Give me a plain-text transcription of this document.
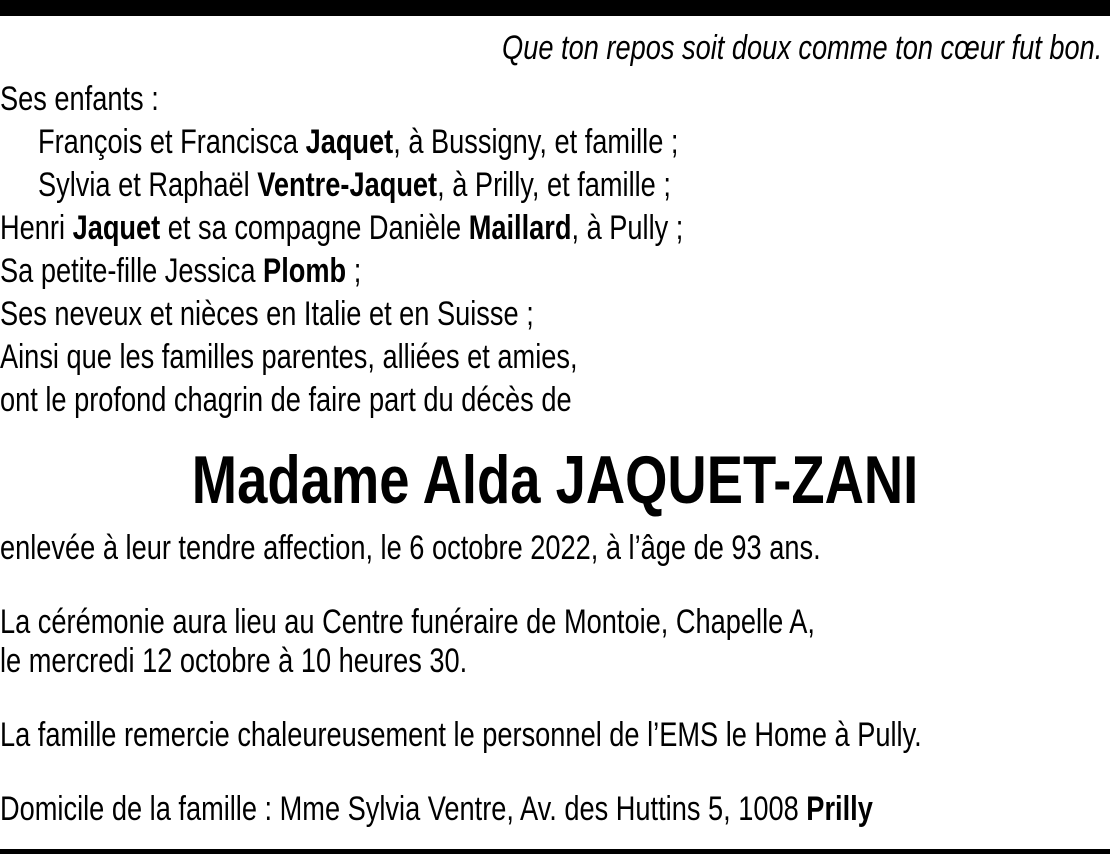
Que ton repos soit doux comme ton cœur fut bon.
Ses enfants :
François et Francisca Jaquet, à Bussigny, et famille ;
Sylvia et Raphaël Ventre-Jaquet, à Prilly, et famille ;
Henri Jaquet et sa compagne Danièle Maillard, à Pully ;
Sa petite-fille Jessica Plomb ;
Ses neveux et nièces en Italie et en Suisse ;
Ainsi que les familles parentes, alliées et amies,
ont le profond chagrin de faire part du décès de
Madame Alda JAQUET-ZANI
enlevée à leur tendre affection, le 6 octobre 2022, à l’âge de 93 ans.
La cérémonie aura lieu au Centre funéraire de Montoie, Chapelle A,
le mercredi 12 octobre à 10 heures 30.
La famille remercie chaleureusement le personnel de l’EMS le Home à Pully.
Domicile de la famille : Mme Sylvia Ventre, Av. des Huttins 5, 1008 Prilly
